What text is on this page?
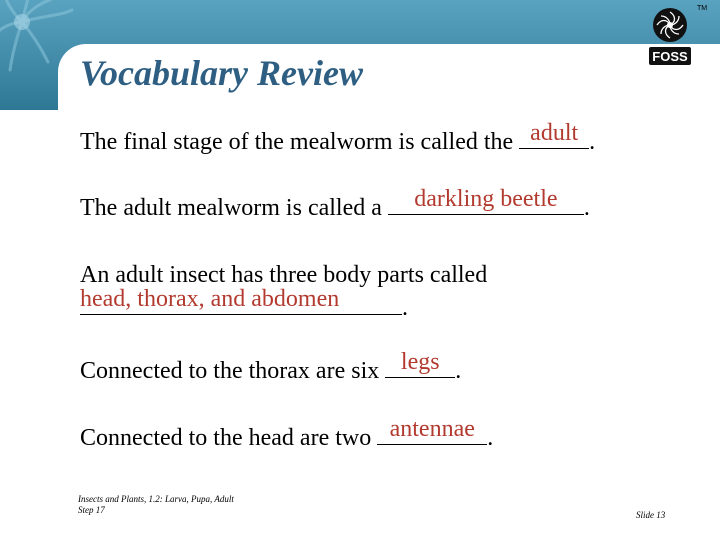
TM
FOSS
Vocabulary Review
The final stage of the mealworm is called the adult .
The adult mealworm is called a	darkling beetle	.
An adult insect has three body parts called
head, thorax, and abdomen	.
Connected to the thorax are six legs .
Connected to the head are two antennae .
Insects and Plants, 1.2: Larva, Pupa, Adult
Step 17	Slide 13
